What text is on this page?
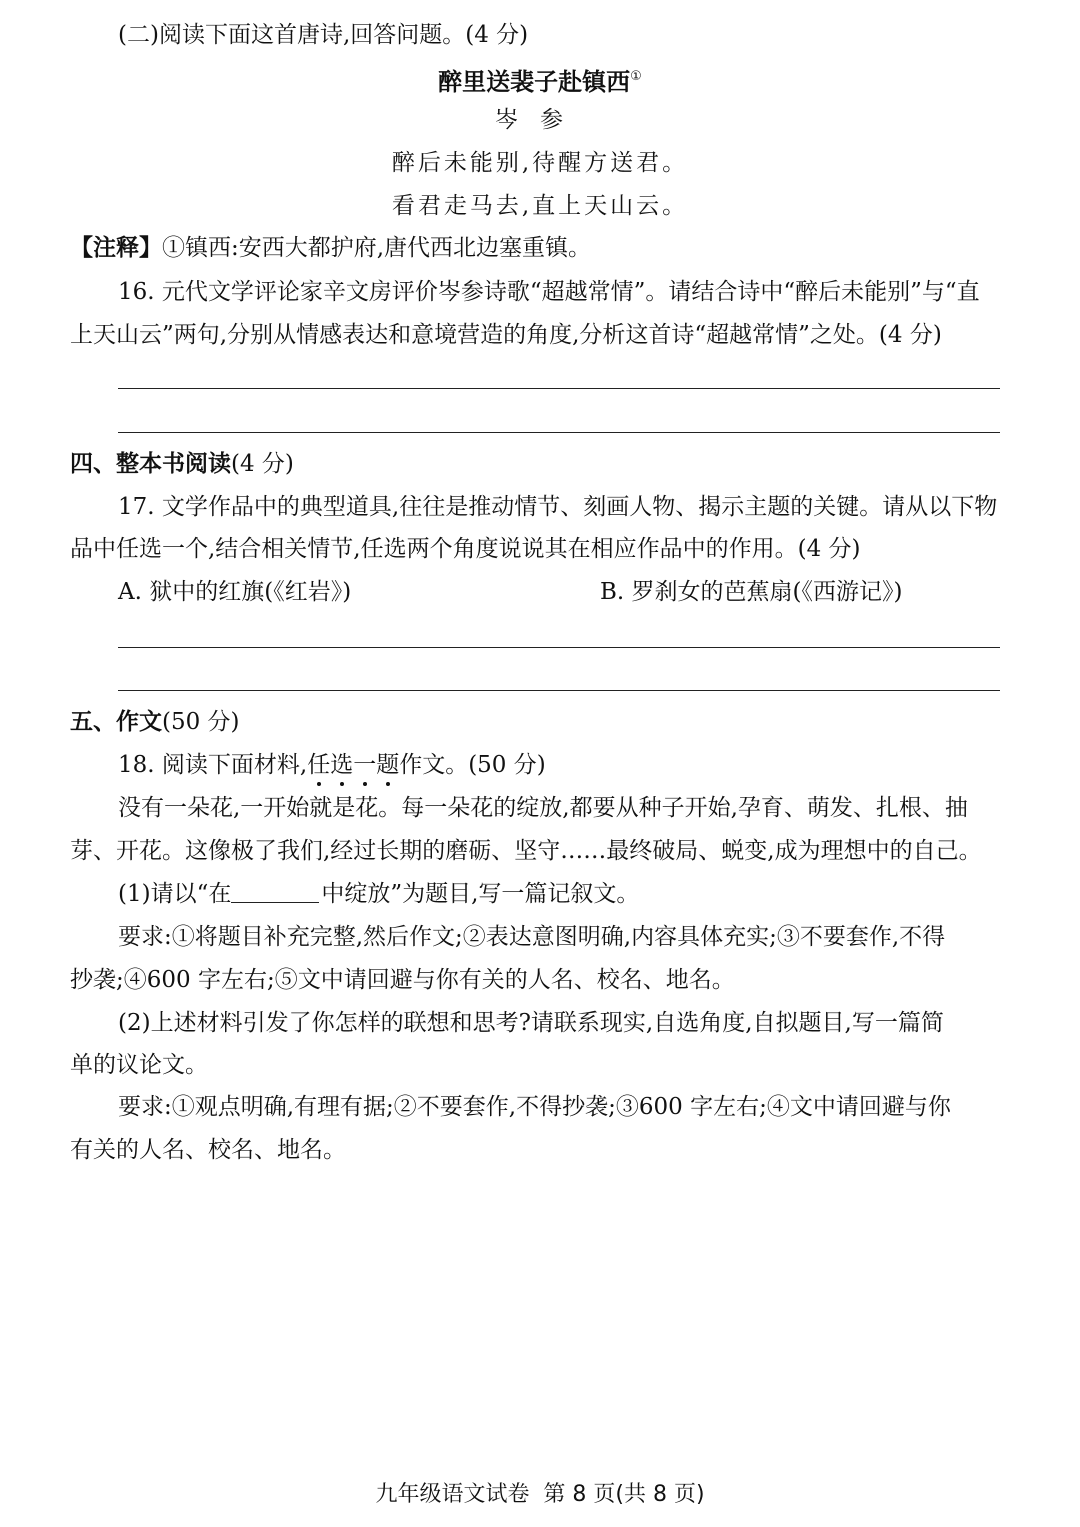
(二)阅读下面这首唐诗,回答问题。(4 分)
醉里送裴子赴镇西①
岑参
醉后未能别,待醒方送君。
看君走马去,直上天山云。
【注释】①镇西:安西大都护府,唐代西北边塞重镇。
16. 元代文学评论家辛文房评价岑参诗歌“超越常情”。请结合诗中“醉后未能别”与“直
上天山云”两句,分别从情感表达和意境营造的角度,分析这首诗“超越常情”之处。(4 分)
四、整本书阅读(4 分)
17. 文学作品中的典型道具,往往是推动情节、刻画人物、揭示主题的关键。请从以下物
品中任选一个,结合相关情节,任选两个角度说说其在相应作品中的作用。(4 分)
A. 狱中的红旗(《红岩》)	B. 罗刹女的芭蕉扇(《西游记》)
五、作文(50 分)
18. 阅读下面材料,任选一题作文。(50 分)
没有一朵花,一开始就是花。每一朵花的绽放,都要从种子开始,孕育、萌发、扎根、抽
芽、开花。这像极了我们,经过长期的磨砺、坚守……最终破局、蜕变,成为理想中的自己。
(1)请以“在	中绽放”为题目,写一篇记叙文。
要求:①将题目补充完整,然后作文;②表达意图明确,内容具体充实;③不要套作,不得
抄袭;④600 字左右;⑤文中请回避与你有关的人名、校名、地名。
(2)上述材料引发了你怎样的联想和思考?请联系现实,自选角度,自拟题目,写一篇简
单的议论文。
要求:①观点明确,有理有据;②不要套作,不得抄袭;③600 字左右;④文中请回避与你
有关的人名、校名、地名。
九年级语文试卷  第 8 页(共 8 页)
